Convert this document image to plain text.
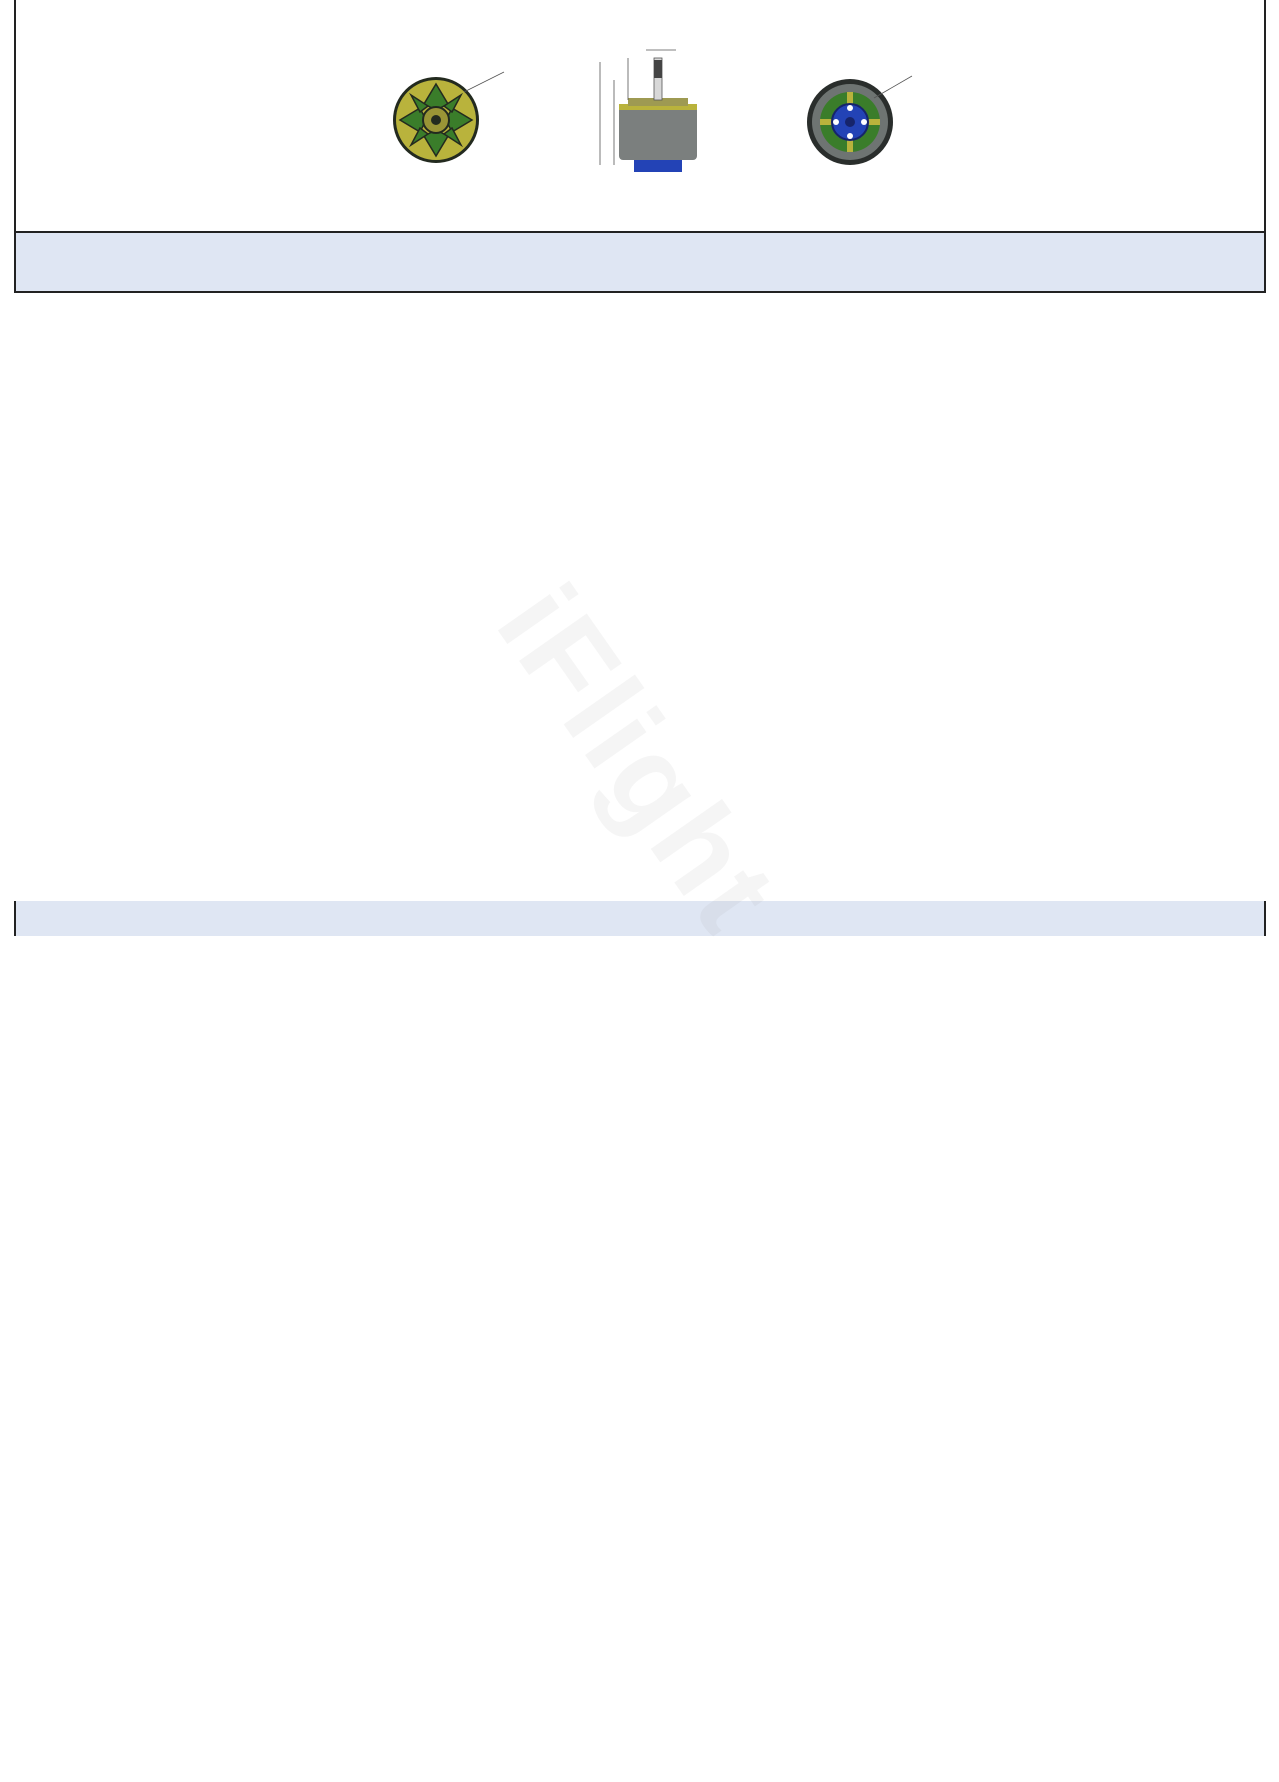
iFlight
